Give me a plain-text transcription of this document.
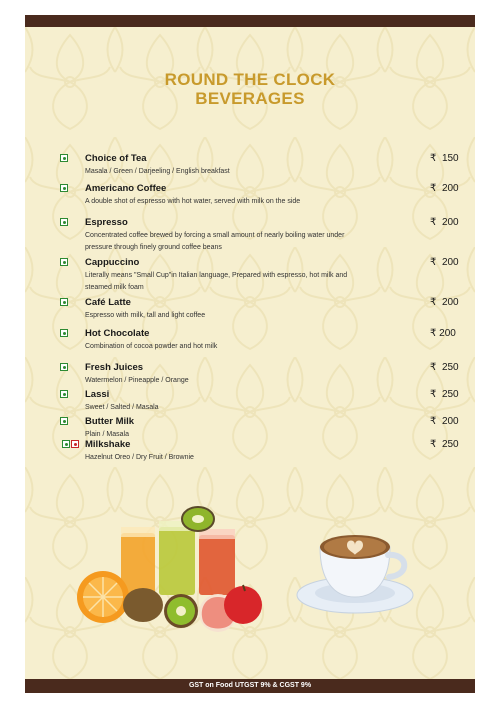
ROUND THE CLOCK
BEVERAGES
Choice of Tea
Masala / Green / Darjeeling / English breakfast
₹ 150
Americano Coffee
A double shot of espresso with hot water, served with milk on the side
₹ 200
Espresso
Concentrated coffee brewed by forcing a small amount of nearly boiling water under pressure through finely ground coffee beans
₹ 200
Cappuccino
Literally means "Small Cup"in Italian language, Prepared with espresso, hot milk and steamed milk foam
₹ 200
Café Latte
Espresso with milk, tall and light coffee
₹ 200
Hot Chocolate
Combination of cocoa powder and hot milk
₹ 200
Fresh Juices
Watermelon / Pineapple / Orange
₹ 250
Lassi
Sweet / Salted / Masala
₹ 250
Butter Milk
Plain / Masala
₹ 200
Milkshake
Hazelnut Oreo / Dry Fruit / Brownie
₹ 250
GST on Food UTGST 9% & CGST 9%
